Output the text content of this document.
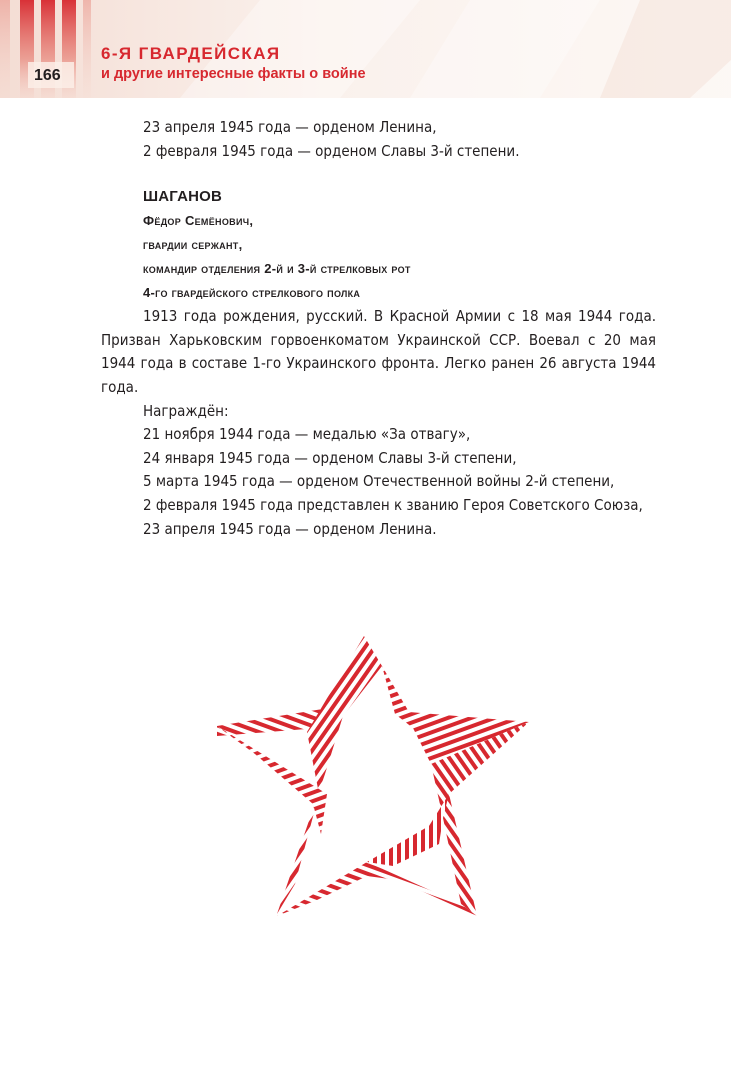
166
6-Я ГВАРДЕЙСКАЯ
и другие интересные факты о войне

23 апреля 1945 года — орденом Ленина,

2 февраля 1945 года — орденом Славы 3-й степени.

ШАГАНОВ

Фёдор Семёнович,

гвардии сержант,

командир отделения 2-й и 3-й стрелковых рот

4-го гвардейского стрелкового полка

1913 года рождения, русский. В Красной Армии с 18 мая 1944 года. Призван Харьковским горвоенкоматом Украинской ССР. Воевал с 20 мая 1944 года в составе 1-го Украинского фронта. Легко ранен 26 августа 1944 года.

Награждён:

21 ноября 1944 года — медалью «За отвагу»,

24 января 1945 года — орденом Славы 3-й степени,

5 марта 1945 года — орденом Отечественной войны 2-й степени,

2 февраля 1945 года представлен к званию Героя Советского Союза,

23 апреля 1945 года — орденом Ленина.
